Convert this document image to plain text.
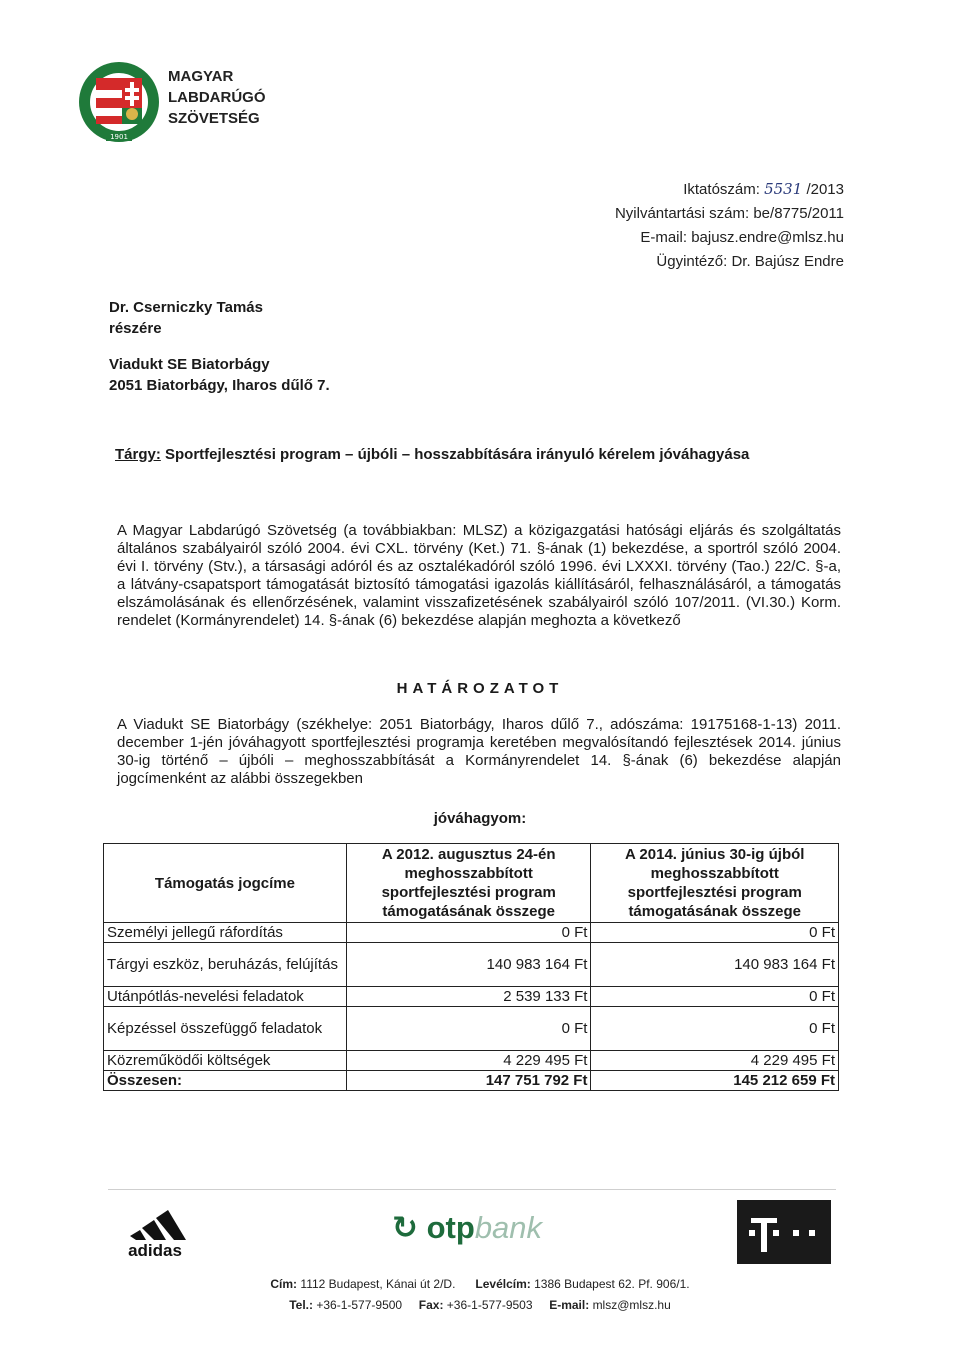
1901
MAGYAR
LABDARÚGÓ
SZÖVETSÉG
Iktatószám: 5531 /2013
Nyilvántartási szám: be/8775/2011
E-mail: bajusz.endre@mlsz.hu
Ügyintéző: Dr. Bajúsz Endre
Dr. Cserniczky Tamás
részére
Viadukt SE Biatorbágy
2051 Biatorbágy, Iharos dűlő 7.
Tárgy: Sportfejlesztési program – újbóli – hosszabbítására irányuló kérelem jóváhagyása
A Magyar Labdarúgó Szövetség (a továbbiakban: MLSZ) a közigazgatási hatósági eljárás és szolgáltatás általános szabályairól szóló 2004. évi CXL. törvény (Ket.) 71. §-ának (1) bekezdése, a sportról szóló 2004. évi I. törvény (Stv.), a társasági adóról és az osztalékadóról szóló 1996. évi LXXXI. törvény (Tao.) 22/C. §-a, a látvány-csapatsport támogatását biztosító támogatási igazolás kiállításáról, felhasználásáról, a támogatás elszámolásának és ellenőrzésének, valamint visszafizetésének szabályairól szóló 107/2011. (VI.30.) Korm. rendelet (Kormányrendelet) 14. §-ának (6) bekezdése alapján meghozta a következő
HATÁROZATOT
A Viadukt SE Biatorbágy (székhelye: 2051 Biatorbágy, Iharos dűlő 7., adószáma: 19175168-1-13) 2011. december 1-jén jóváhagyott sportfejlesztési programja keretében megvalósítandó fejlesztések 2014. június 30-ig történő – újbóli – meghosszabbítását a Kormányrendelet 14. §-ának (6) bekezdése alapján jogcímenként az alábbi összegekben
jóváhagyom:
Támogatás jogcíme	A 2012. augusztus 24-én meghosszabbított sportfejlesztési program támogatásának összege	A 2014. június 30-ig újból meghosszabbított sportfejlesztési program támogatásának összege
Személyi jellegű ráfordítás	0 Ft	0 Ft
Tárgyi eszköz, beruházás, felújítás	140 983 164 Ft	140 983 164 Ft
Utánpótlás-nevelési feladatok	2 539 133 Ft	0 Ft
Képzéssel összefüggő feladatok	0 Ft	0 Ft
Közreműködői költségek	4 229 495 Ft	4 229 495 Ft
Összesen:	147 751 792 Ft	145 212 659 Ft
adidas
↻ otpbank
Cím: 1112 Budapest, Kánai út 2/D. Levélcím: 1386 Budapest 62. Pf. 906/1.
Tel.: +36-1-577-9500 Fax: +36-1-577-9503 E-mail: mlsz@mlsz.hu
